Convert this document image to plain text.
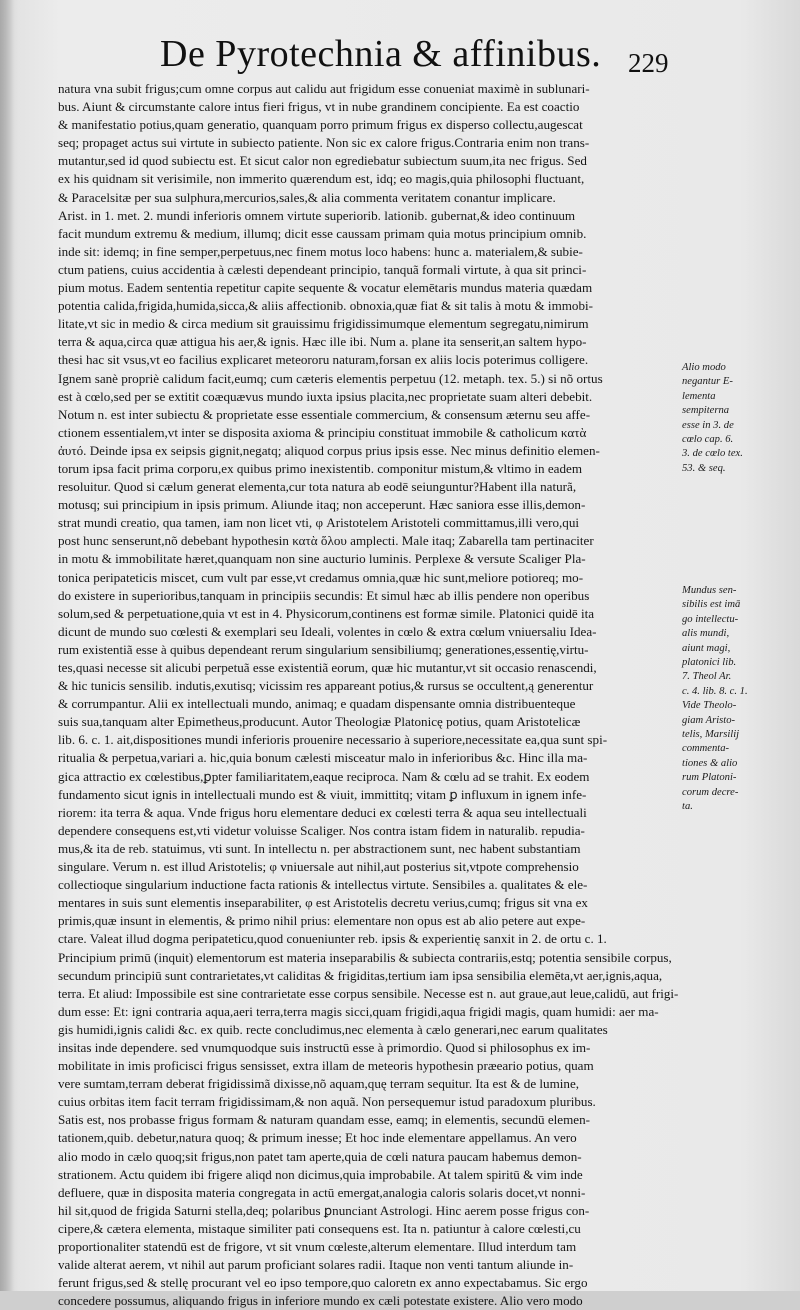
De Pyrotechnia & affinibus. 229
natura vna subit frigus;cum omne corpus aut calidu aut frigidum esse conueniat maximè in sublunari-
bus. Aiunt & circumstante calore intus fieri frigus, vt in nube grandinem concipiente. Ea est coactio
& manifestatio potius,quam generatio, quanquam porro primum frigus ex disperso collectu,augescat
seq; propaget actus sui virtute in subiecto patiente. Non sic ex calore frigus.Contraria enim non trans-
mutantur,sed id quod subiectu est. Et sicut calor non egrediebatur subiectum suum,ita nec frigus. Sed
ex his quidnam sit verisimile, non immerito quærendum est, idq; eo magis,quia philosophi fluctuant,
& Paracelsitæ per sua sulphura,mercurios,sales,& alia commenta veritatem conantur implicare.
Arist. in 1. met. 2. mundi inferioris omnem virtute superiorib. lationib. gubernat,& ideo continuum
facit mundum extremu & medium, illumq; dicit esse caussam primam quia motus principium omnib.
inde sit: idemq; in fine semper,perpetuus,nec finem motus loco habens: hunc a. materialem,& subie-
ctum patiens, cuius accidentia à cælesti dependeant principio, tanquã formali virtute, à qua sit princi-
pium motus. Eadem sententia repetitur capite sequente & vocatur elemētaris mundus materia quædam
potentia calida,frigida,humida,sicca,& aliis affectionib. obnoxia,quæ fiat & sit talis à motu & immobi-
litate,vt sic in medio & circa medium sit grauissimu frigidissimumque elementum segregatu,nimirum
terra & aqua,circa quæ attigua his aer,& ignis. Hæc ille ibi. Num a. plane ita senserit,an saltem hypo-
thesi hac sit vsus,vt eo facilius explicaret meteororu naturam,forsan ex aliis locis poterimus colligere.
Ignem sanè propriè calidum facit,eumq; cum cæteris elementis perpetuu (12. metaph. tex. 5.) si nõ ortus
est à cœlo,sed per se extitit coæquævus mundo iuxta ipsius placita,nec proprietate suam alteri debebit.
Notum n. est inter subiectu & proprietate esse essentiale commercium, & consensum æternu seu affe-
ctionem essentialem,vt inter se disposita axioma & principiu constituat immobile & catholicum κατὰ
ἀυτό. Deinde ipsa ex seipsis gignit,negatq; aliquod corpus prius ipsis esse. Nec minus definitio elemen-
torum ipsa facit prima corporu,ex quibus primo inexistentib. componitur mistum,& vltimo in eadem
resoluitur. Quod si cælum generat elementa,cur tota natura ab eodē seiunguntur?Habent illa naturã,
motusq; sui principium in ipsis primum. Aliunde itaq; non acceperunt. Hæc saniora esse illis,demon-
strat mundi creatio, qua tamen, iam non licet vti, φ Aristotelem Aristoteli committamus,illi vero,qui
post hunc senserunt,nõ debebant hypothesin κατὰ ὅλου amplecti. Male itaq; Zabarella tam pertinaciter
in motu & immobilitate hæret,quanquam non sine aucturio luminis. Perplexe & versute Scaliger Pla-
tonica peripateticis miscet, cum vult par esse,vt credamus omnia,quæ hic sunt,meliore potioreq; mo-
do existere in superioribus,tanquam in principiis secundis: Et simul hæc ab illis pendere non operibus
solum,sed & perpetuatione,quia vt est in 4. Physicorum,continens est formæ simile. Platonici quidē ita
dicunt de mundo suo cœlesti & exemplari seu Ideali, volentes in cœlo & extra cœlum vniuersaliu Idea-
rum existentiã esse à quibus dependeant rerum singularium sensibiliumq; generationes,essentię,virtu-
tes,quasi necesse sit alicubi perpetuã esse existentiã eorum, quæ hic mutantur,vt sit occasio renascendi,
& hic tunicis sensilib. indutis,exutisq; vicissim res appareant potius,& rursus se occultent,ą generentur
& corrumpantur. Alii ex intellectuali mundo, animaq; e quadam dispensante omnia distribuenteque
suis sua,tanquam alter Epimetheus,producunt. Autor Theologiæ Platonicę potius, quam Aristotelicæ
lib. 6. c. 1. ait,dispositiones mundi inferioris prouenire necessario à superiore,necessitate ea,qua sunt spi-
ritualia & perpetua,variari a. hic,quia bonum cælesti misceatur malo in inferioribus &c. Hinc illa ma-
gica attractio ex cœlestibus,ꝑpter familiaritatem,eaque reciproca. Nam & cœlu ad se trahit. Ex eodem
fundamento sicut ignis in intellectuali mundo est & viuit, immittitq; vitam ꝑ influxum in ignem infe-
riorem: ita terra & aqua. Vnde frigus horu elementare deduci ex cœlesti terra & aqua seu intellectuali
dependere consequens est,vti videtur voluisse Scaliger. Nos contra istam fidem in naturalib. repudia-
mus,& ita de reb. statuimus, vti sunt. In intellectu n. per abstractionem sunt, nec habent substantiam
singulare. Verum n. est illud Aristotelis; φ vniuersale aut nihil,aut posterius sit,vtpote comprehensio
collectioque singularium inductione facta rationis & intellectus virtute. Sensibiles a. qualitates & ele-
mentares in suis sunt elementis inseparabiliter, φ est Aristotelis decretu verius,cumq; frigus sit vna ex
primis,quæ insunt in elementis, & primo nihil prius: elementare non opus est ab alio petere aut expe-
ctare. Valeat illud dogma peripateticu,quod conueniunter reb. ipsis & experientię sanxit in 2. de ortu c. 1.
Principium primū (inquit) elementorum est materia inseparabilis & subiecta contrariis,estq; potentia sensibile corpus,
secundum principiū sunt contrarietates,vt caliditas & frigiditas,tertium iam ipsa sensibilia elemēta,vt aer,ignis,aqua,
terra. Et aliud: Impossibile est sine contrarietate esse corpus sensibile. Necesse est n. aut graue,aut leue,calidū, aut frigi-
dum esse: Et: igni contraria aqua,aeri terra,terra magis sicci,quam frigidi,aqua frigidi magis, quam humidi: aer ma-
gis humidi,ignis calidi &c. ex quib. recte concludimus,nec elementa à cælo generari,nec earum qualitates
insitas inde dependere. sed vnumquodque suis instructū esse à primordio. Quod si philosophus ex im-
mobilitate in imis proficisci frigus sensisset, extra illam de meteoris hypothesin præeario potius, quam
vere sumtam,terram deberat frigidissimã dixisse,nõ aquam,quę terram sequitur. Ita est & de lumine,
cuius orbitas item facit terram frigidissimam,& non aquã. Non persequemur istud paradoxum pluribus.
Satis est, nos probasse frigus formam & naturam quandam esse, eamq; in elementis, secundū elemen-
tationem,quib. debetur,natura quoq; & primum inesse; Et hoc inde elementare appellamus. An vero
alio modo in cælo quoq;sit frigus,non patet tam aperte,quia de cœli natura paucam habemus demon-
strationem. Actu quidem ibi frigere aliqd non dicimus,quia improbabile. At talem spiritū & vim inde
defluere, quæ in disposita materia congregata in actū emergat,analogia caloris solaris docet,vt nonni-
hil sit,quod de frigida Saturni stella,deq; polaribus ꝑnunciant Astrologi. Hinc aerem posse frigus con-
cipere,& cætera elementa, mistaque similiter pati consequens est. Ita n. patiuntur à calore cœlesti,cu
proportionaliter statendū est de frigore, vt sit vnum cœleste,alterum elementare. Illud interdum tam
valide alterat aerem, vt nihil aut parum proficiant solares radii. Itaque non venti tantum aliunde in-
ferunt frigus,sed & stellę procurant vel eo ipso tempore,quo caloretn ex anno expectabamus. Sic ergo
concedere possumus, aliquando frigus in inferiore mundo ex cæli potestate existere. Alio vero modo
Alio modo
negantur E-
lementa
sempiterna
esse in 3. de
cœlo cap. 6.
3. de cœlo tex.
53. & seq.
Mundus sen-
sibilis est imā
go intellectu-
alis mundi,
aiunt magi,
platonici lib.
7. Theol Ar.
c. 4. lib. 8. c. 1.
Vide Theolo-
giam Aristo-
telis, Marsilij
commenta-
tiones & alio
rum Platoni-
corum decre-
ta.
